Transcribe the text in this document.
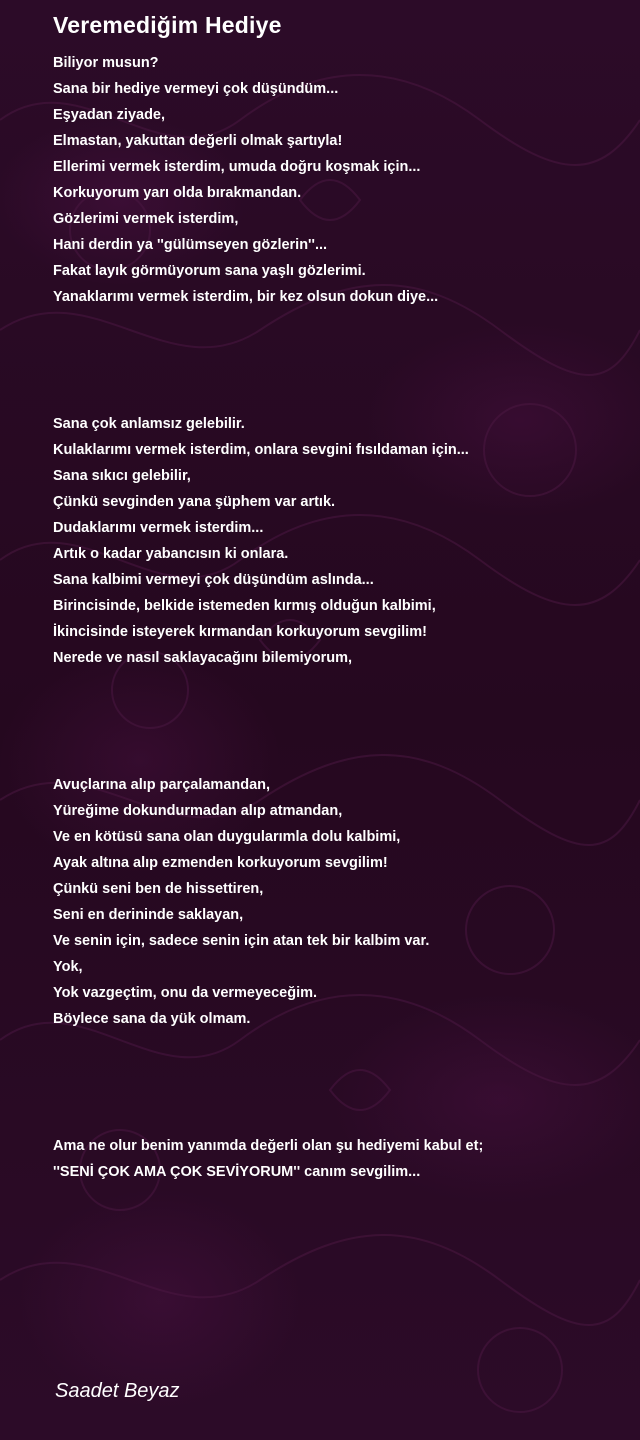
Veremediğim Hediye
Biliyor musun?
Sana bir hediye vermeyi çok düşündüm...
Eşyadan ziyade,
Elmastan, yakuttan değerli olmak şartıyla!
Ellerimi vermek isterdim, umuda doğru koşmak için...
Korkuyorum yarı olda bırakmandan.
Gözlerimi vermek isterdim,
Hani derdin ya ''gülümseyen gözlerin''...
Fakat layık görmüyorum sana yaşlı gözlerimi.
Yanaklarımı vermek isterdim, bir kez olsun dokun diye...
Sana çok anlamsız gelebilir.
Kulaklarımı vermek isterdim, onlara sevgini fısıldaman için...
Sana sıkıcı gelebilir,
Çünkü sevginden yana şüphem var artık.
Dudaklarımı vermek isterdim...
Artık o kadar yabancısın ki onlara.
Sana kalbimi vermeyi çok düşündüm aslında...
Birincisinde, belkide istemeden kırmış olduğun kalbimi,
İkincisinde isteyerek kırmandan korkuyorum sevgilim!
Nerede ve nasıl saklayacağını bilemiyorum,
Avuçlarına alıp parçalamandan,
Yüreğime dokundurmadan alıp atmandan,
Ve en kötüsü sana olan duygularımla dolu kalbimi,
Ayak altına alıp ezmenden korkuyorum sevgilim!
Çünkü seni ben de hissettiren,
Seni en derininde saklayan,
Ve senin için, sadece senin için atan tek bir kalbim var.
Yok,
Yok vazgeçtim, onu da vermeyeceğim.
Böylece sana da yük olmam.
Ama ne olur benim yanımda değerli olan şu hediyemi kabul et;
''SENİ ÇOK AMA ÇOK SEVİYORUM'' canım sevgilim...
Saadet Beyaz
